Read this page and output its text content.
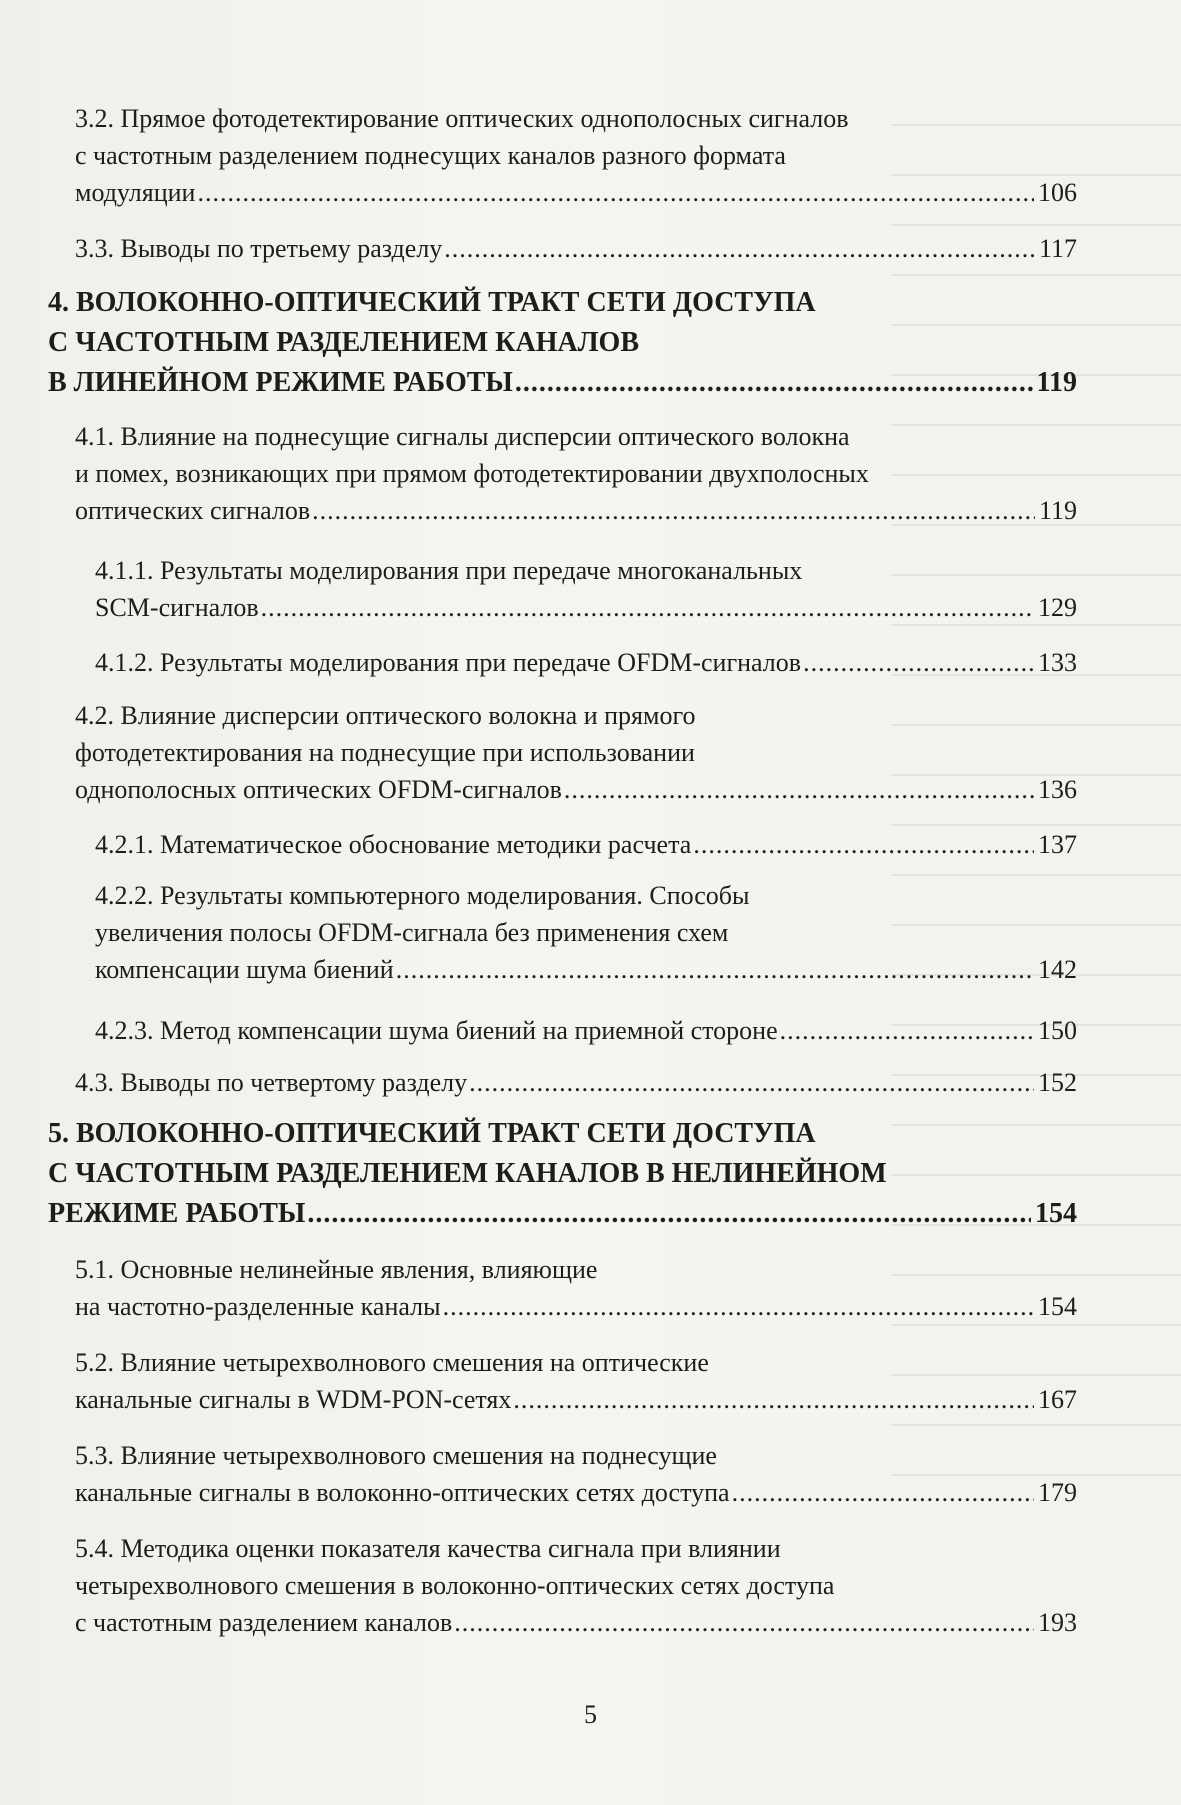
3.2. Прямое фотодетектирование оптических однополосных сигналов
с частотным разделением поднесущих каналов разного формата
модуляции .....	106
3.3. Выводы по третьему разделу .....	117
4. ВОЛОКОННО-ОПТИЧЕСКИЙ ТРАКТ СЕТИ ДОСТУПА
С ЧАСТОТНЫМ РАЗДЕЛЕНИЕМ КАНАЛОВ
В ЛИНЕЙНОМ РЕЖИМЕ РАБОТЫ .....	119
4.1. Влияние на поднесущие сигналы дисперсии оптического волокна
и помех, возникающих при прямом фотодетектировании двухполосных
оптических сигналов .....	119
4.1.1. Результаты моделирования при передаче многоканальных
SCM-сигналов .....	129
4.1.2. Результаты моделирования при передаче OFDM-сигналов .....	133
4.2. Влияние дисперсии оптического волокна и прямого
фотодетектирования на поднесущие при использовании
однополосных оптических OFDM-сигналов .....	136
4.2.1. Математическое обоснование методики расчета .....	137
4.2.2. Результаты компьютерного моделирования. Способы
увеличения полосы OFDM-сигнала без применения схем
компенсации шума биений .....	142
4.2.3. Метод компенсации шума биений на приемной стороне .....	150
4.3. Выводы по четвертому разделу .....	152
5. ВОЛОКОННО-ОПТИЧЕСКИЙ ТРАКТ СЕТИ ДОСТУПА
С ЧАСТОТНЫМ РАЗДЕЛЕНИЕМ КАНАЛОВ В НЕЛИНЕЙНОМ
РЕЖИМЕ РАБОТЫ .....	154
5.1. Основные нелинейные явления, влияющие
на частотно-разделенные каналы .....	154
5.2. Влияние четырехволнового смешения на оптические
канальные сигналы в WDM-PON-сетях .....	167
5.3. Влияние четырехволнового смешения на поднесущие
канальные сигналы в волоконно-оптических сетях доступа .....	179
5.4. Методика оценки показателя качества сигнала при влиянии
четырехволнового смешения в волоконно-оптических сетях доступа
с частотным разделением каналов .....	193
5
